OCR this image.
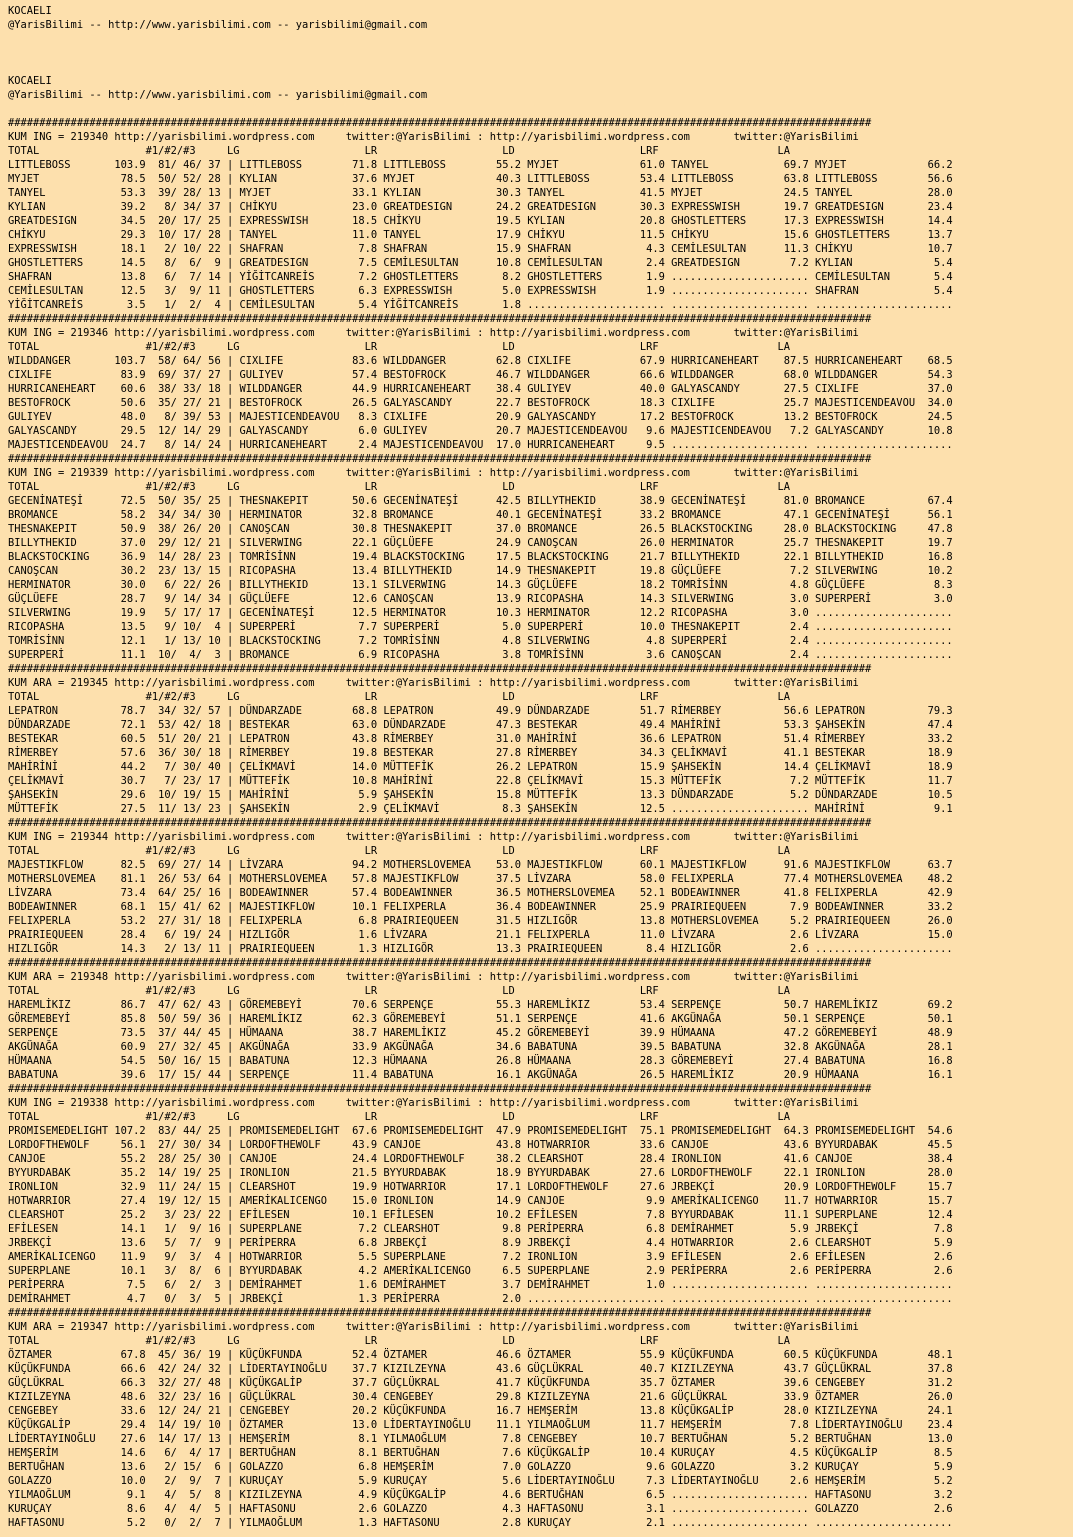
KOCAELI
@YarisBilimi -- http://www.yarisbilimi.com -- yarisbilimi@gmail.com
KOCAELI
@YarisBilimi -- http://www.yarisbilimi.com -- yarisbilimi@gmail.com
##########################################################################################################################################
KUM ING = 219340 http://yarisbilimi.wordpress.com     twitter:@YarisBilimi : http://yarisbilimi.wordpress.com       twitter:@YarisBilimi
TOTAL                 #1/#2/#3     LG                    LR                    LD                    LRF                   LA
LITTLEBOSS       103.9  81/ 46/ 37 | LITTLEBOSS        71.8 LITTLEBOSS        55.2 MYJET             61.0 TANYEL            69.7 MYJET             66.2
MYJET             78.5  50/ 52/ 28 | KYLIAN            37.6 MYJET             40.3 LITTLEBOSS        53.4 LITTLEBOSS        63.8 LITTLEBOSS        56.6
TANYEL            53.3  39/ 28/ 13 | MYJET             33.1 KYLIAN            30.3 TANYEL            41.5 MYJET             24.5 TANYEL            28.0
KYLIAN            39.2   8/ 34/ 37 | CHİKYU            23.0 GREATDESIGN       24.2 GREATDESIGN       30.3 EXPRESSWISH       19.7 GREATDESIGN       23.4
GREATDESIGN       34.5  20/ 17/ 25 | EXPRESSWISH       18.5 CHİKYU            19.5 KYLIAN            20.8 GHOSTLETTERS      17.3 EXPRESSWISH       14.4
CHİKYU            29.3  10/ 17/ 28 | TANYEL            11.0 TANYEL            17.9 CHİKYU            11.5 CHİKYU            15.6 GHOSTLETTERS      13.7
EXPRESSWISH       18.1   2/ 10/ 22 | SHAFRAN            7.8 SHAFRAN           15.9 SHAFRAN            4.3 CEMİLESULTAN      11.3 CHİKYU            10.7
GHOSTLETTERS      14.5   8/  6/  9 | GREATDESIGN        7.5 CEMİLESULTAN      10.8 CEMİLESULTAN       2.4 GREATDESIGN        7.2 KYLIAN             5.4
SHAFRAN           13.8   6/  7/ 14 | YİĞİTCANREİS       7.2 GHOSTLETTERS       8.2 GHOSTLETTERS       1.9 ...................... CEMİLESULTAN       5.4
CEMİLESULTAN      12.5   3/  9/ 11 | GHOSTLETTERS       6.3 EXPRESSWISH        5.0 EXPRESSWISH        1.9 ...................... SHAFRAN            5.4
YİĞİTCANREİS       3.5   1/  2/  4 | CEMİLESULTAN       5.4 YİĞİTCANREİS       1.8 ...................... ...................... ......................
##########################################################################################################################################
KUM ING = 219346 http://yarisbilimi.wordpress.com     twitter:@YarisBilimi : http://yarisbilimi.wordpress.com       twitter:@YarisBilimi
TOTAL                 #1/#2/#3     LG                    LR                    LD                    LRF                   LA
WILDDANGER       103.7  58/ 64/ 56 | CIXLIFE           83.6 WILDDANGER        62.8 CIXLIFE           67.9 HURRICANEHEART    87.5 HURRICANEHEART    68.5
CIXLIFE           83.9  69/ 37/ 27 | GULIYEV           57.4 BESTOFROCK        46.7 WILDDANGER        66.6 WILDDANGER        68.0 WILDDANGER        54.3
HURRICANEHEART    60.6  38/ 33/ 18 | WILDDANGER        44.9 HURRICANEHEART    38.4 GULIYEV           40.0 GALYASCANDY       27.5 CIXLIFE           37.0
BESTOFROCK        50.6  35/ 27/ 21 | BESTOFROCK        26.5 GALYASCANDY       22.7 BESTOFROCK        18.3 CIXLIFE           25.7 MAJESTICENDEAVOU  34.0
GULIYEV           48.0   8/ 39/ 53 | MAJESTICENDEAVOU   8.3 CIXLIFE           20.9 GALYASCANDY       17.2 BESTOFROCK        13.2 BESTOFROCK        24.5
GALYASCANDY       29.5  12/ 14/ 29 | GALYASCANDY        6.0 GULIYEV           20.7 MAJESTICENDEAVOU   9.6 MAJESTICENDEAVOU   7.2 GALYASCANDY       10.8
MAJESTICENDEAVOU  24.7   8/ 14/ 24 | HURRICANEHEART     2.4 MAJESTICENDEAVOU  17.0 HURRICANEHEART     9.5 ...................... ......................
##########################################################################################################################################
KUM ING = 219339 http://yarisbilimi.wordpress.com     twitter:@YarisBilimi : http://yarisbilimi.wordpress.com       twitter:@YarisBilimi
TOTAL                 #1/#2/#3     LG                    LR                    LD                    LRF                   LA
GECENİNATEŞİ      72.5  50/ 35/ 25 | THESNAKEPIT       50.6 GECENİNATEŞİ      42.5 BILLYTHEKID       38.9 GECENİNATEŞİ      81.0 BROMANCE          67.4
BROMANCE          58.2  34/ 34/ 30 | HERMINATOR        32.8 BROMANCE          40.1 GECENİNATEŞİ      33.2 BROMANCE          47.1 GECENİNATEŞİ      56.1
THESNAKEPIT       50.9  38/ 26/ 20 | CANOŞCAN          30.8 THESNAKEPIT       37.0 BROMANCE          26.5 BLACKSTOCKING     28.0 BLACKSTOCKING     47.8
BILLYTHEKID       37.0  29/ 12/ 21 | SILVERWING        22.1 GÜÇLÜEFE          24.9 CANOŞCAN          26.0 HERMINATOR        25.7 THESNAKEPIT       19.7
BLACKSTOCKING     36.9  14/ 28/ 23 | TOMRİSİNN         19.4 BLACKSTOCKING     17.5 BLACKSTOCKING     21.7 BILLYTHEKID       22.1 BILLYTHEKID       16.8
CANOŞCAN          30.2  23/ 13/ 15 | RICOPASHA         13.4 BILLYTHEKID       14.9 THESNAKEPIT       19.8 GÜÇLÜEFE           7.2 SILVERWING        10.2
HERMINATOR        30.0   6/ 22/ 26 | BILLYTHEKID       13.1 SILVERWING        14.3 GÜÇLÜEFE          18.2 TOMRİSİNN          4.8 GÜÇLÜEFE           8.3
GÜÇLÜEFE          28.7   9/ 14/ 34 | GÜÇLÜEFE          12.6 CANOŞCAN          13.9 RICOPASHA         14.3 SILVERWING         3.0 SUPERPERİ          3.0
SILVERWING        19.9   5/ 17/ 17 | GECENİNATEŞİ      12.5 HERMINATOR        10.3 HERMINATOR        12.2 RICOPASHA          3.0 ......................
RICOPASHA         13.5   9/ 10/  4 | SUPERPERİ          7.7 SUPERPERİ          5.0 SUPERPERİ         10.0 THESNAKEPIT        2.4 ......................
TOMRİSİNN         12.1   1/ 13/ 10 | BLACKSTOCKING      7.2 TOMRİSİNN          4.8 SILVERWING         4.8 SUPERPERİ          2.4 ......................
SUPERPERİ         11.1  10/  4/  3 | BROMANCE           6.9 RICOPASHA          3.8 TOMRİSİNN          3.6 CANOŞCAN           2.4 ......................
##########################################################################################################################################
KUM ARA = 219345 http://yarisbilimi.wordpress.com     twitter:@YarisBilimi : http://yarisbilimi.wordpress.com       twitter:@YarisBilimi
TOTAL                 #1/#2/#3     LG                    LR                    LD                    LRF                   LA
LEPATRON          78.7  34/ 32/ 57 | DÜNDARZADE        68.8 LEPATRON          49.9 DÜNDARZADE        51.7 RİMERBEY          56.6 LEPATRON          79.3
DÜNDARZADE        72.1  53/ 42/ 18 | BESTEKAR          63.0 DÜNDARZADE        47.3 BESTEKAR          49.4 MAHİRİNİ          53.3 ŞAHSEKİN          47.4
BESTEKAR          60.5  51/ 20/ 21 | LEPATRON          43.8 RİMERBEY          31.0 MAHİRİNİ          36.6 LEPATRON          51.4 RİMERBEY          33.2
RİMERBEY          57.6  36/ 30/ 18 | RİMERBEY          19.8 BESTEKAR          27.8 RİMERBEY          34.3 ÇELİKMAVİ         41.1 BESTEKAR          18.9
MAHİRİNİ          44.2   7/ 30/ 40 | ÇELİKMAVİ         14.0 MÜTTEFİK          26.2 LEPATRON          15.9 ŞAHSEKİN          14.4 ÇELİKMAVİ         18.9
ÇELİKMAVİ         30.7   7/ 23/ 17 | MÜTTEFİK          10.8 MAHİRİNİ          22.8 ÇELİKMAVİ         15.3 MÜTTEFİK           7.2 MÜTTEFİK          11.7
ŞAHSEKİN          29.6  10/ 19/ 15 | MAHİRİNİ           5.9 ŞAHSEKİN          15.8 MÜTTEFİK          13.3 DÜNDARZADE         5.2 DÜNDARZADE        10.5
MÜTTEFİK          27.5  11/ 13/ 23 | ŞAHSEKİN           2.9 ÇELİKMAVİ          8.3 ŞAHSEKİN          12.5 ...................... MAHİRİNİ           9.1
##########################################################################################################################################
KUM ING = 219344 http://yarisbilimi.wordpress.com     twitter:@YarisBilimi : http://yarisbilimi.wordpress.com       twitter:@YarisBilimi
TOTAL                 #1/#2/#3     LG                    LR                    LD                    LRF                   LA
MAJESTIKFLOW      82.5  69/ 27/ 14 | LİVZARA           94.2 MOTHERSLOVEMEA    53.0 MAJESTIKFLOW      60.1 MAJESTIKFLOW      91.6 MAJESTIKFLOW      63.7
MOTHERSLOVEMEA    81.1  26/ 53/ 64 | MOTHERSLOVEMEA    57.8 MAJESTIKFLOW      37.5 LİVZARA           58.0 FELIXPERLA        77.4 MOTHERSLOVEMEA    48.2
LİVZARA           73.4  64/ 25/ 16 | BODEAWINNER       57.4 BODEAWINNER       36.5 MOTHERSLOVEMEA    52.1 BODEAWINNER       41.8 FELIXPERLA        42.9
BODEAWINNER       68.1  15/ 41/ 62 | MAJESTIKFLOW      10.1 FELIXPERLA        36.4 BODEAWINNER       25.9 PRAIRIEQUEEN       7.9 BODEAWINNER       33.2
FELIXPERLA        53.2  27/ 31/ 18 | FELIXPERLA         6.8 PRAIRIEQUEEN      31.5 HIZLIGÖR          13.8 MOTHERSLOVEMEA     5.2 PRAIRIEQUEEN      26.0
PRAIRIEQUEEN      28.4   6/ 19/ 24 | HIZLIGÖR           1.6 LİVZARA           21.1 FELIXPERLA        11.0 LİVZARA            2.6 LİVZARA           15.0
HIZLIGÖR          14.3   2/ 13/ 11 | PRAIRIEQUEEN       1.3 HIZLIGÖR          13.3 PRAIRIEQUEEN       8.4 HIZLIGÖR           2.6 ......................
##########################################################################################################################################
KUM ARA = 219348 http://yarisbilimi.wordpress.com     twitter:@YarisBilimi : http://yarisbilimi.wordpress.com       twitter:@YarisBilimi
TOTAL                 #1/#2/#3     LG                    LR                    LD                    LRF                   LA
HAREMLİKIZ        86.7  47/ 62/ 43 | GÖREMEBEYİ        70.6 SERPENÇE          55.3 HAREMLİKIZ        53.4 SERPENÇE          50.7 HAREMLİKIZ        69.2
GÖREMEBEYİ        85.8  50/ 59/ 36 | HAREMLİKIZ        62.3 GÖREMEBEYİ        51.1 SERPENÇE          41.6 AKGÜNAĞA          50.1 SERPENÇE          50.1
SERPENÇE          73.5  37/ 44/ 45 | HÜMAANA           38.7 HAREMLİKIZ        45.2 GÖREMEBEYİ        39.9 HÜMAANA           47.2 GÖREMEBEYİ        48.9
AKGÜNAĞA          60.9  27/ 32/ 45 | AKGÜNAĞA          33.9 AKGÜNAĞA          34.6 BABATUNA          39.5 BABATUNA          32.8 AKGÜNAĞA          28.1
HÜMAANA           54.5  50/ 16/ 15 | BABATUNA          12.3 HÜMAANA           26.8 HÜMAANA           28.3 GÖREMEBEYİ        27.4 BABATUNA          16.8
BABATUNA          39.6  17/ 15/ 44 | SERPENÇE          11.4 BABATUNA          16.1 AKGÜNAĞA          26.5 HAREMLİKIZ        20.9 HÜMAANA           16.1
##########################################################################################################################################
KUM ING = 219338 http://yarisbilimi.wordpress.com     twitter:@YarisBilimi : http://yarisbilimi.wordpress.com       twitter:@YarisBilimi
TOTAL                 #1/#2/#3     LG                    LR                    LD                    LRF                   LA
PROMISEMEDELIGHT 107.2  83/ 44/ 25 | PROMISEMEDELIGHT  67.6 PROMISEMEDELIGHT  47.9 PROMISEMEDELIGHT  75.1 PROMISEMEDELIGHT  64.3 PROMISEMEDELIGHT  54.6
LORDOFTHEWOLF     56.1  27/ 30/ 34 | LORDOFTHEWOLF     43.9 CANJOE            43.8 HOTWARRIOR        33.6 CANJOE            43.6 BYYURDABAK        45.5
CANJOE            55.2  28/ 25/ 30 | CANJOE            24.4 LORDOFTHEWOLF     38.2 CLEARSHOT         28.4 IRONLION          41.6 CANJOE            38.4
BYYURDABAK        35.2  14/ 19/ 25 | IRONLION          21.5 BYYURDABAK        18.9 BYYURDABAK        27.6 LORDOFTHEWOLF     22.1 IRONLION          28.0
IRONLION          32.9  11/ 24/ 15 | CLEARSHOT         19.9 HOTWARRIOR        17.1 LORDOFTHEWOLF     27.6 JRBEKÇİ           20.9 LORDOFTHEWOLF     15.7
HOTWARRIOR        27.4  19/ 12/ 15 | AMERİKALICENGO    15.0 IRONLION          14.9 CANJOE             9.9 AMERİKALICENGO    11.7 HOTWARRIOR        15.7
CLEARSHOT         25.2   3/ 23/ 22 | EFİLESEN          10.1 EFİLESEN          10.2 EFİLESEN           7.8 BYYURDABAK        11.1 SUPERPLANE        12.4
EFİLESEN          14.1   1/  9/ 16 | SUPERPLANE         7.2 CLEARSHOT          9.8 PERİPERRA          6.8 DEMİRAHMET         5.9 JRBEKÇİ            7.8
JRBEKÇİ           13.6   5/  7/  9 | PERİPERRA          6.8 JRBEKÇİ            8.9 JRBEKÇİ            4.4 HOTWARRIOR         2.6 CLEARSHOT          5.9
AMERİKALICENGO    11.9   9/  3/  4 | HOTWARRIOR         5.5 SUPERPLANE         7.2 IRONLION           3.9 EFİLESEN           2.6 EFİLESEN           2.6
SUPERPLANE        10.1   3/  8/  6 | BYYURDABAK         4.2 AMERİKALICENGO     6.5 SUPERPLANE         2.9 PERİPERRA          2.6 PERİPERRA          2.6
PERİPERRA          7.5   6/  2/  3 | DEMİRAHMET         1.6 DEMİRAHMET         3.7 DEMİRAHMET         1.0 ...................... ......................
DEMİRAHMET         4.7   0/  3/  5 | JRBEKÇİ            1.3 PERİPERRA          2.0 ...................... ...................... ......................
##########################################################################################################################################
KUM ARA = 219347 http://yarisbilimi.wordpress.com     twitter:@YarisBilimi : http://yarisbilimi.wordpress.com       twitter:@YarisBilimi
TOTAL                 #1/#2/#3     LG                    LR                    LD                    LRF                   LA
ÖZTAMER           67.8  45/ 36/ 19 | KÜÇÜKFUNDA        52.4 ÖZTAMER           46.6 ÖZTAMER           55.9 KÜÇÜKFUNDA        60.5 KÜÇÜKFUNDA        48.1
KÜÇÜKFUNDA        66.6  42/ 24/ 32 | LİDERTAYINOĞLU    37.7 KIZILZEYNA        43.6 GÜÇLÜKRAL         40.7 KIZILZEYNA        43.7 GÜÇLÜKRAL         37.8
GÜÇLÜKRAL         66.3  32/ 27/ 48 | KÜÇÜKGALİP        37.7 GÜÇLÜKRAL         41.7 KÜÇÜKFUNDA        35.7 ÖZTAMER           39.6 CENGEBEY          31.2
KIZILZEYNA        48.6  32/ 23/ 16 | GÜÇLÜKRAL         30.4 CENGEBEY          29.8 KIZILZEYNA        21.6 GÜÇLÜKRAL         33.9 ÖZTAMER           26.0
CENGEBEY          33.6  12/ 24/ 21 | CENGEBEY          20.2 KÜÇÜKFUNDA        16.7 HEMŞERİM          13.8 KÜÇÜKGALİP        28.0 KIZILZEYNA        24.1
KÜÇÜKGALİP        29.4  14/ 19/ 10 | ÖZTAMER           13.0 LİDERTAYINOĞLU    11.1 YILMAOĞLUM        11.7 HEMŞERİM           7.8 LİDERTAYINOĞLU    23.4
LİDERTAYINOĞLU    27.6  14/ 17/ 13 | HEMŞERİM           8.1 YILMAOĞLUM         7.8 CENGEBEY          10.7 BERTUĞHAN          5.2 BERTUĞHAN         13.0
HEMŞERİM          14.6   6/  4/ 17 | BERTUĞHAN          8.1 BERTUĞHAN          7.6 KÜÇÜKGALİP        10.4 KURUÇAY            4.5 KÜÇÜKGALİP         8.5
BERTUĞHAN         13.6   2/ 15/  6 | GOLAZZO            6.8 HEMŞERİM           7.0 GOLAZZO            9.6 GOLAZZO            3.2 KURUÇAY            5.9
GOLAZZO           10.0   2/  9/  7 | KURUÇAY            5.9 KURUÇAY            5.6 LİDERTAYINOĞLU     7.3 LİDERTAYINOĞLU     2.6 HEMŞERİM           5.2
YILMAOĞLUM         9.1   4/  5/  8 | KIZILZEYNA         4.9 KÜÇÜKGALİP         4.6 BERTUĞHAN          6.5 ...................... HAFTASONU          3.2
KURUÇAY            8.6   4/  4/  5 | HAFTASONU          2.6 GOLAZZO            4.3 HAFTASONU          3.1 ...................... GOLAZZO            2.6
HAFTASONU          5.2   0/  2/  7 | YILMAOĞLUM         1.3 HAFTASONU          2.8 KURUÇAY            2.1 ...................... ......................
